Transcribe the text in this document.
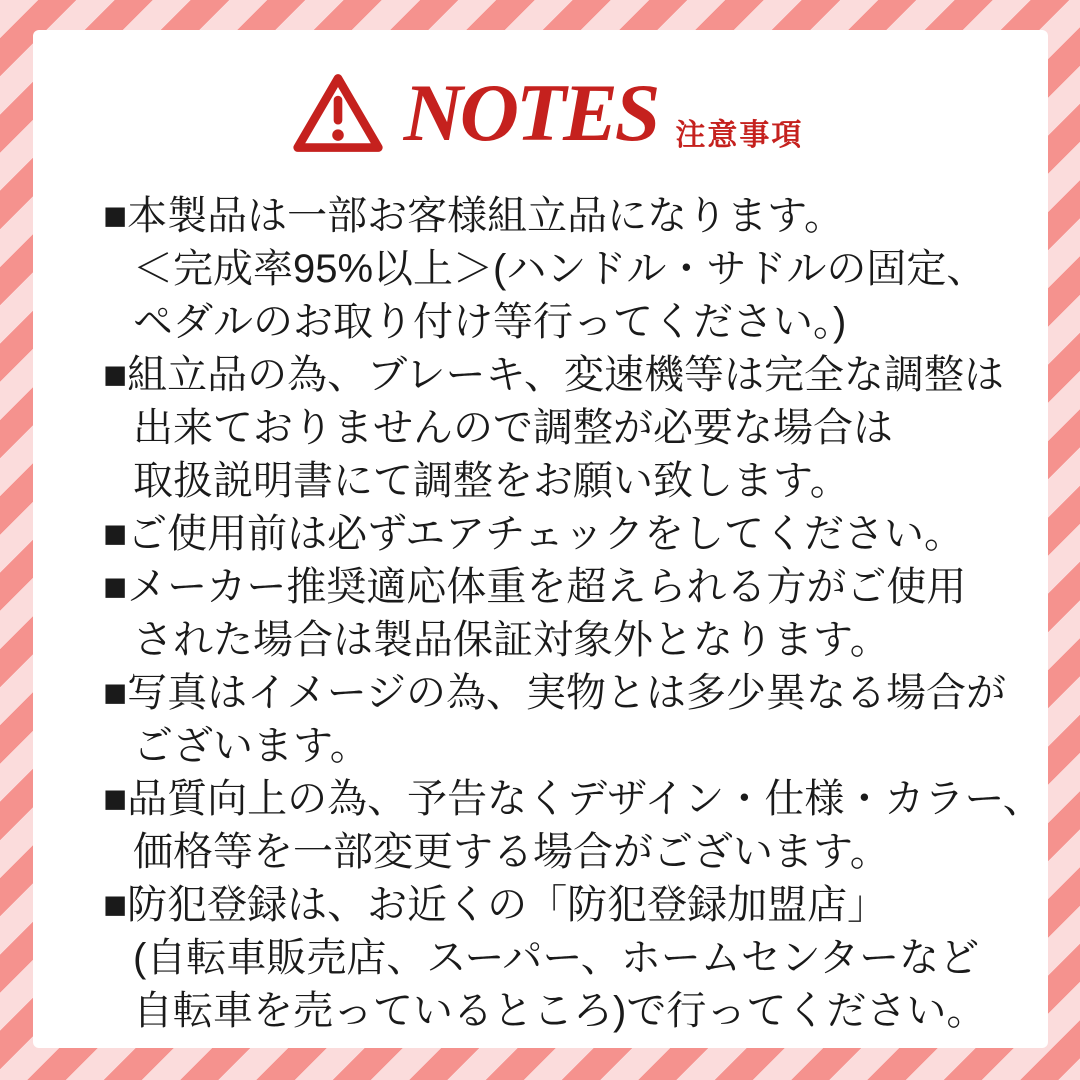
NOTES 注意事項
■本製品は一部お客様組立品になります。
＜完成率95%以上＞(ハンドル・サドルの固定、
ペダルのお取り付け等行ってください。)
■組立品の為、ブレーキ、変速機等は完全な調整は
出来ておりませんので調整が必要な場合は
取扱説明書にて調整をお願い致します。
■ご使用前は必ずエアチェックをしてください。
■メーカー推奨適応体重を超えられる方がご使用
された場合は製品保証対象外となります。
■写真はイメージの為、実物とは多少異なる場合が
ございます。
■品質向上の為、予告なくデザイン・仕様・カラー、
価格等を一部変更する場合がございます。
■防犯登録は、お近くの「防犯登録加盟店」
(自転車販売店、スーパー、ホームセンターなど
自転車を売っているところ)で行ってください。
